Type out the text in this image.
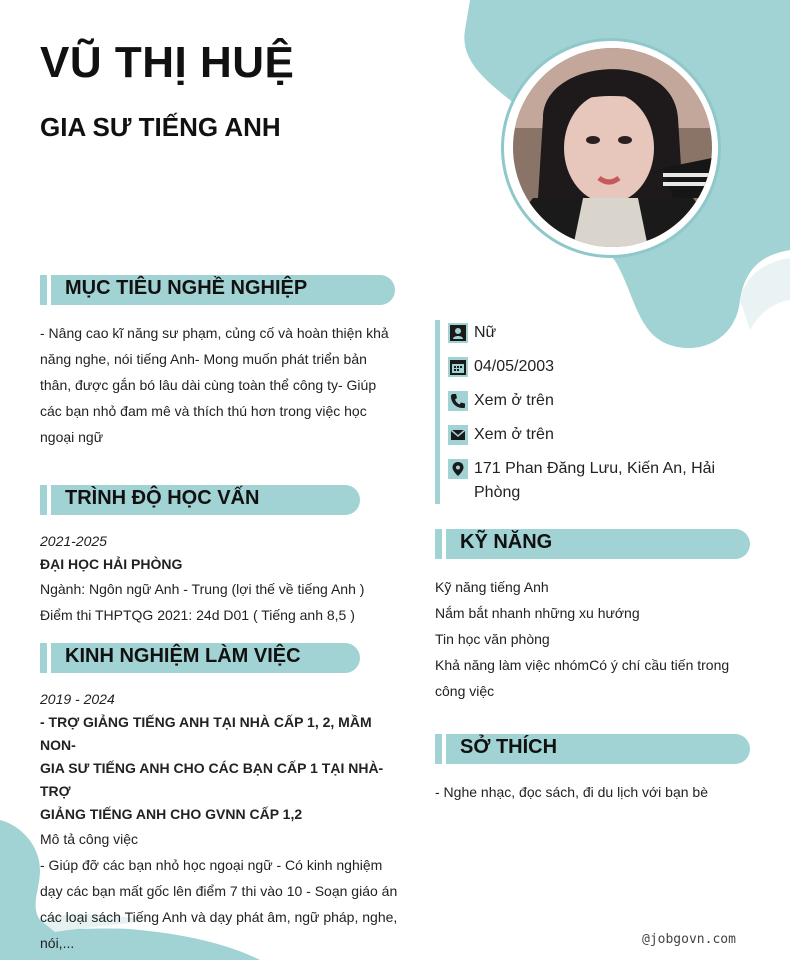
VŨ THỊ HUỆ
GIA SƯ TIẾNG ANH
MỤC TIÊU NGHỀ NGHIỆP
- Nâng cao kĩ năng sư phạm, củng cố và hoàn thiện khả
năng nghe, nói tiếng Anh- Mong muốn phát triển bản
thân, được gắn bó lâu dài cùng toàn thể công ty- Giúp
các bạn nhỏ đam mê và thích thú hơn trong việc học
ngoại ngữ
TRÌNH ĐỘ HỌC VẤN
2021-2025
ĐẠI HỌC HẢI PHÒNG
Ngành: Ngôn ngữ Anh - Trung (lợi thế về tiếng Anh )
Điểm thi THPTQG 2021: 24d D01 ( Tiếng anh 8,5 )
KINH NGHIỆM LÀM VIỆC
2019 - 2024
- TRỢ GIẢNG TIẾNG ANH TẠI NHÀ CẤP 1, 2, MẦM NON-
GIA SƯ TIẾNG ANH CHO CÁC BẠN CẤP 1 TẠI NHÀ- TRỢ
GIẢNG TIẾNG ANH CHO GVNN CẤP 1,2
Mô tả công việc
- Giúp đỡ các bạn nhỏ học ngoại ngữ - Có kinh nghiệm
dạy các bạn mất gốc lên điểm 7 thi vào 10 - Soạn giáo án
các loại sách Tiếng Anh và dạy phát âm, ngữ pháp, nghe,
nói,...
Nữ
04/05/2003
Xem ở trên
Xem ở trên
171 Phan Đăng Lưu, Kiến An, Hải Phòng
KỸ NĂNG
Kỹ năng tiếng Anh
Nắm bắt nhanh những xu hướng
Tin học văn phòng
Khả năng làm việc nhómCó ý chí cầu tiến trong
công việc
SỞ THÍCH
- Nghe nhạc, đọc sách, đi du lịch với bạn bè
@jobgovn.com
